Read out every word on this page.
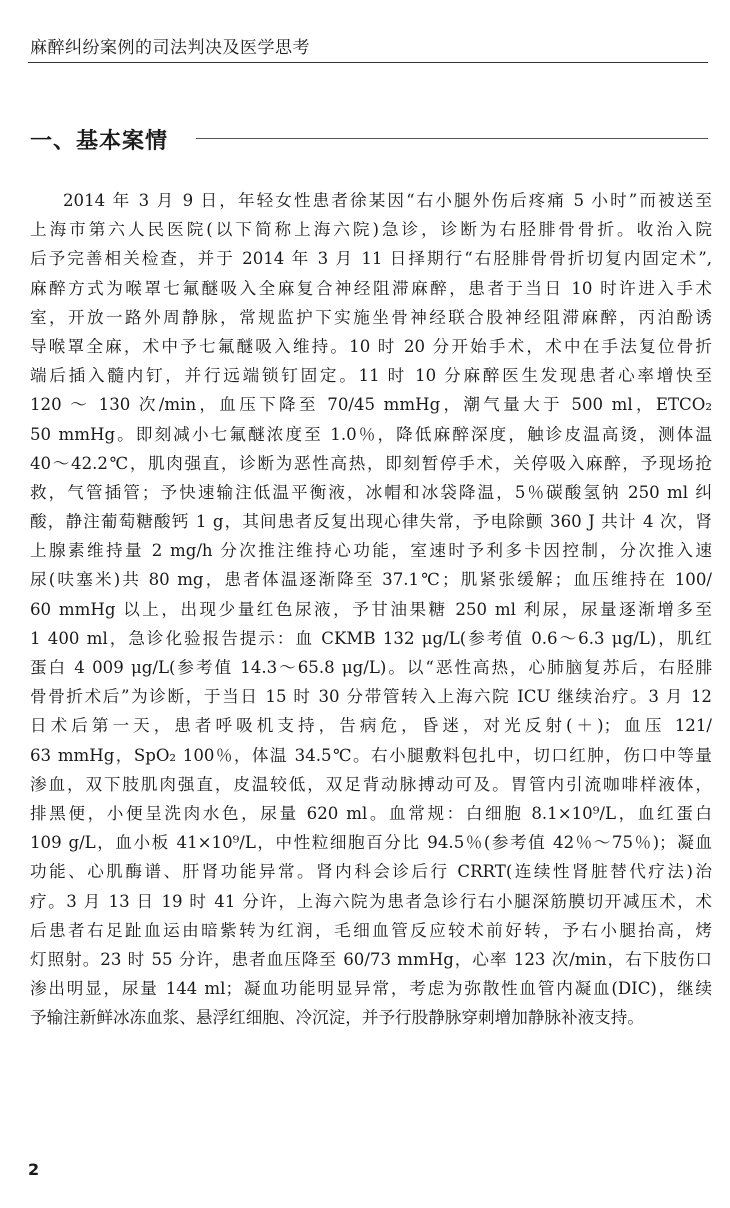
麻醉纠纷案例的司法判决及医学思考
一、基本案情
2014 年 3 月 9 日，年轻女性患者徐某因“右小腿外伤后疼痛 5 小时”而被送至
上海市第六人民医院(以下简称上海六院)急诊，诊断为右胫腓骨骨折。收治入院
后予完善相关检查，并于 2014 年 3 月 11 日择期行“右胫腓骨骨折切复内固定术”,
麻醉方式为喉罩七氟醚吸入全麻复合神经阻滞麻醉，患者于当日 10 时许进入手术
室，开放一路外周静脉，常规监护下实施坐骨神经联合股神经阻滞麻醉，丙泊酚诱
导喉罩全麻，术中予七氟醚吸入维持。10 时 20 分开始手术，术中在手法复位骨折
端后插入髓内钉，并行远端锁钉固定。11 时 10 分麻醉医生发现患者心率增快至
120 ～ 130 次/min，血压下降至 70/45 mmHg，潮气量大于 500 ml，ETCO₂
50 mmHg。即刻减小七氟醚浓度至 1.0％，降低麻醉深度，触诊皮温高烫，测体温
40～42.2℃，肌肉强直，诊断为恶性高热，即刻暂停手术，关停吸入麻醉，予现场抢
救，气管插管；予快速输注低温平衡液，冰帽和冰袋降温，5％碳酸氢钠 250 ml 纠
酸，静注葡萄糖酸钙 1 g，其间患者反复出现心律失常，予电除颤 360 J 共计 4 次，肾
上腺素维持量 2 mg/h 分次推注维持心功能，室速时予利多卡因控制，分次推入速
尿(呋塞米)共 80 mg，患者体温逐渐降至 37.1℃；肌紧张缓解；血压维持在 100/
60 mmHg 以上，出现少量红色尿液，予甘油果糖 250 ml 利尿，尿量逐渐增多至
1 400 ml，急诊化验报告提示：血 CKMB 132 μg/L(参考值 0.6～6.3 μg/L)，肌红
蛋白 4 009 μg/L(参考值 14.3～65.8 μg/L)。以“恶性高热，心肺脑复苏后，右胫腓
骨骨折术后”为诊断，于当日 15 时 30 分带管转入上海六院 ICU 继续治疗。3 月 12
日术后第一天，患者呼吸机支持，告病危，昏迷，对光反射(＋)；血压 121/
63 mmHg，SpO₂ 100％，体温 34.5℃。右小腿敷料包扎中，切口红肿，伤口中等量
渗血，双下肢肌肉强直，皮温较低，双足背动脉搏动可及。胃管内引流咖啡样液体，
排黑便，小便呈洗肉水色，尿量 620 ml。血常规：白细胞 8.1×10⁹/L，血红蛋白
109 g/L，血小板 41×10⁹/L，中性粒细胞百分比 94.5％(参考值 42％～75％)；凝血
功能、心肌酶谱、肝肾功能异常。肾内科会诊后行 CRRT(连续性肾脏替代疗法)治
疗。3 月 13 日 19 时 41 分许，上海六院为患者急诊行右小腿深筋膜切开减压术，术
后患者右足趾血运由暗紫转为红润，毛细血管反应较术前好转，予右小腿抬高，烤
灯照射。23 时 55 分许，患者血压降至 60/73 mmHg，心率 123 次/min，右下肢伤口
渗出明显，尿量 144 ml；凝血功能明显异常，考虑为弥散性血管内凝血(DIC)，继续
予输注新鲜冰冻血浆、悬浮红细胞、冷沉淀，并予行股静脉穿刺增加静脉补液支持。
2
